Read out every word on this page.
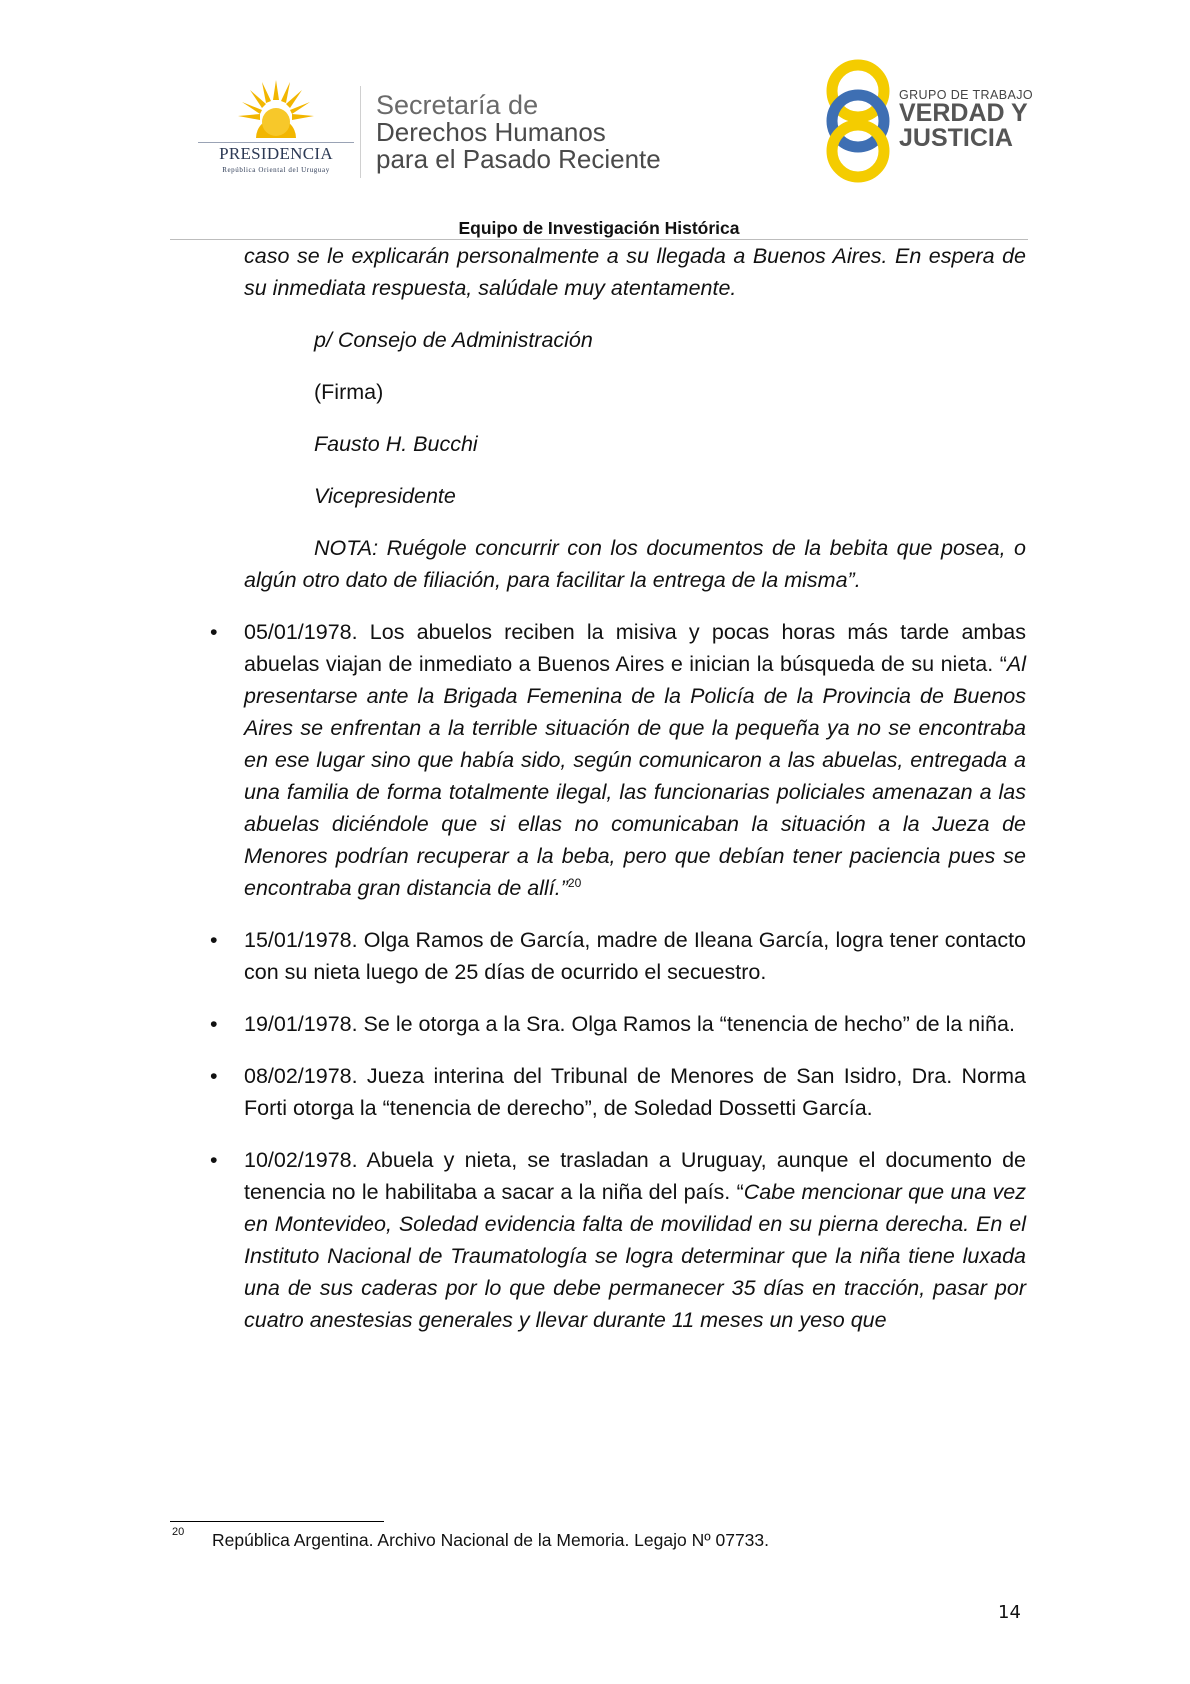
PRESIDENCIA
República Oriental del Uruguay
Secretaría de
Derechos Humanos
para el Pasado Reciente
GRUPO DE TRABAJO
VERDAD Y
JUSTICIA
Equipo de Investigación Histórica

caso se le explicarán personalmente a su llegada a Buenos Aires. En espera de su inmediata respuesta, salúdale muy atentamente.

p/ Consejo de Administración

(Firma)

Fausto H. Bucchi

Vicepresidente

NOTA: Ruégole concurrir con los documentos de la bebita que posea, o algún otro dato de filiación, para facilitar la entrega de la misma”.

• 05/01/1978. Los abuelos reciben la misiva y pocas horas más tarde ambas abuelas viajan de inmediato a Buenos Aires e inician la búsqueda de su nieta. “Al presentarse ante la Brigada Femenina de la Policía de la Provincia de Buenos Aires se enfrentan a la terrible situación de que la pequeña ya no se encontraba en ese lugar sino que había sido, según comunicaron a las abuelas, entregada a una familia de forma totalmente ilegal, las funcionarias policiales amenazan a las abuelas diciéndole que si ellas no comunicaban la situación a la Jueza de Menores podrían recuperar a la beba, pero que debían tener paciencia pues se encontraba gran distancia de allí.”$^{20}$

• 15/01/1978. Olga Ramos de García, madre de Ileana García, logra tener contacto con su nieta luego de 25 días de ocurrido el secuestro.

• 19/01/1978. Se le otorga a la Sra. Olga Ramos la “tenencia de hecho” de la niña.

• 08/02/1978. Jueza interina del Tribunal de Menores de San Isidro, Dra. Norma Forti otorga la “tenencia de derecho”, de Soledad Dossetti García.

• 10/02/1978. Abuela y nieta, se trasladan a Uruguay, aunque el documento de tenencia no le habilitaba a sacar a la niña del país. “Cabe mencionar que una vez en Montevideo, Soledad evidencia falta de movilidad en su pierna derecha. En el Instituto Nacional de Traumatología se logra determinar que la niña tiene luxada una de sus caderas por lo que debe permanecer 35 días en tracción, pasar por cuatro anestesias generales y llevar durante 11 meses un yeso que

20 República Argentina. Archivo Nacional de la Memoria. Legajo Nº 07733.
14
